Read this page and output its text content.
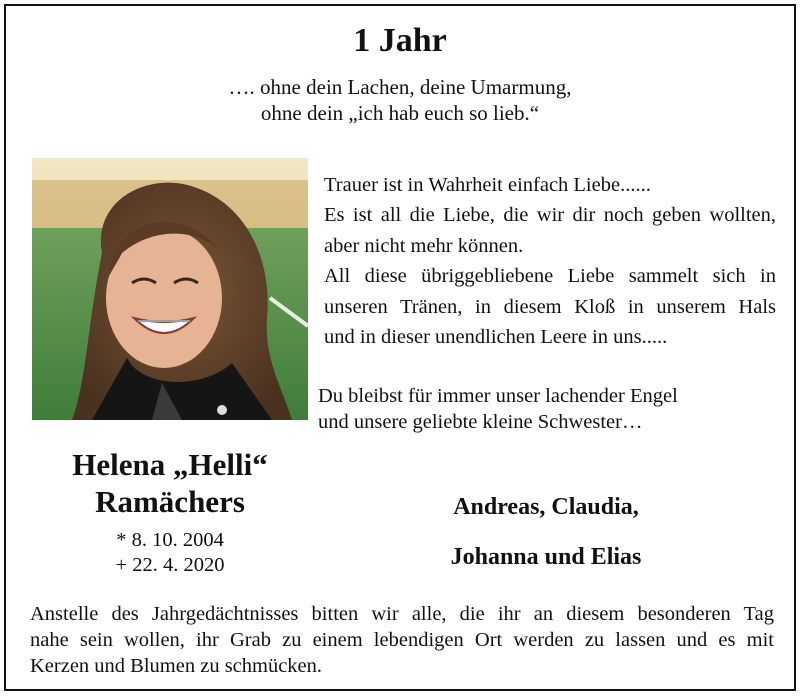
1 Jahr
…. ohne dein Lachen, deine Umarmung,
ohne dein „ich hab euch so lieb.“
Trauer ist in Wahrheit einfach Liebe......
Es ist all die Liebe, die wir dir noch geben wollten,
aber nicht mehr können.
All diese übriggebliebene Liebe sammelt sich in
unseren Tränen, in diesem Kloß in unserem Hals
und in dieser unendlichen Leere in uns.....
Du bleibst für immer unser lachender Engel
und unsere geliebte kleine Schwester…
Helena „Helli“
Ramächers
* 8. 10. 2004
+ 22. 4. 2020
Andreas, Claudia,
Johanna und Elias
Anstelle des Jahrgedächtnisses bitten wir alle, die ihr an diesem besonderen Tag
nahe sein wollen, ihr Grab zu einem lebendigen Ort werden zu lassen und es mit
Kerzen und Blumen zu schmücken.
